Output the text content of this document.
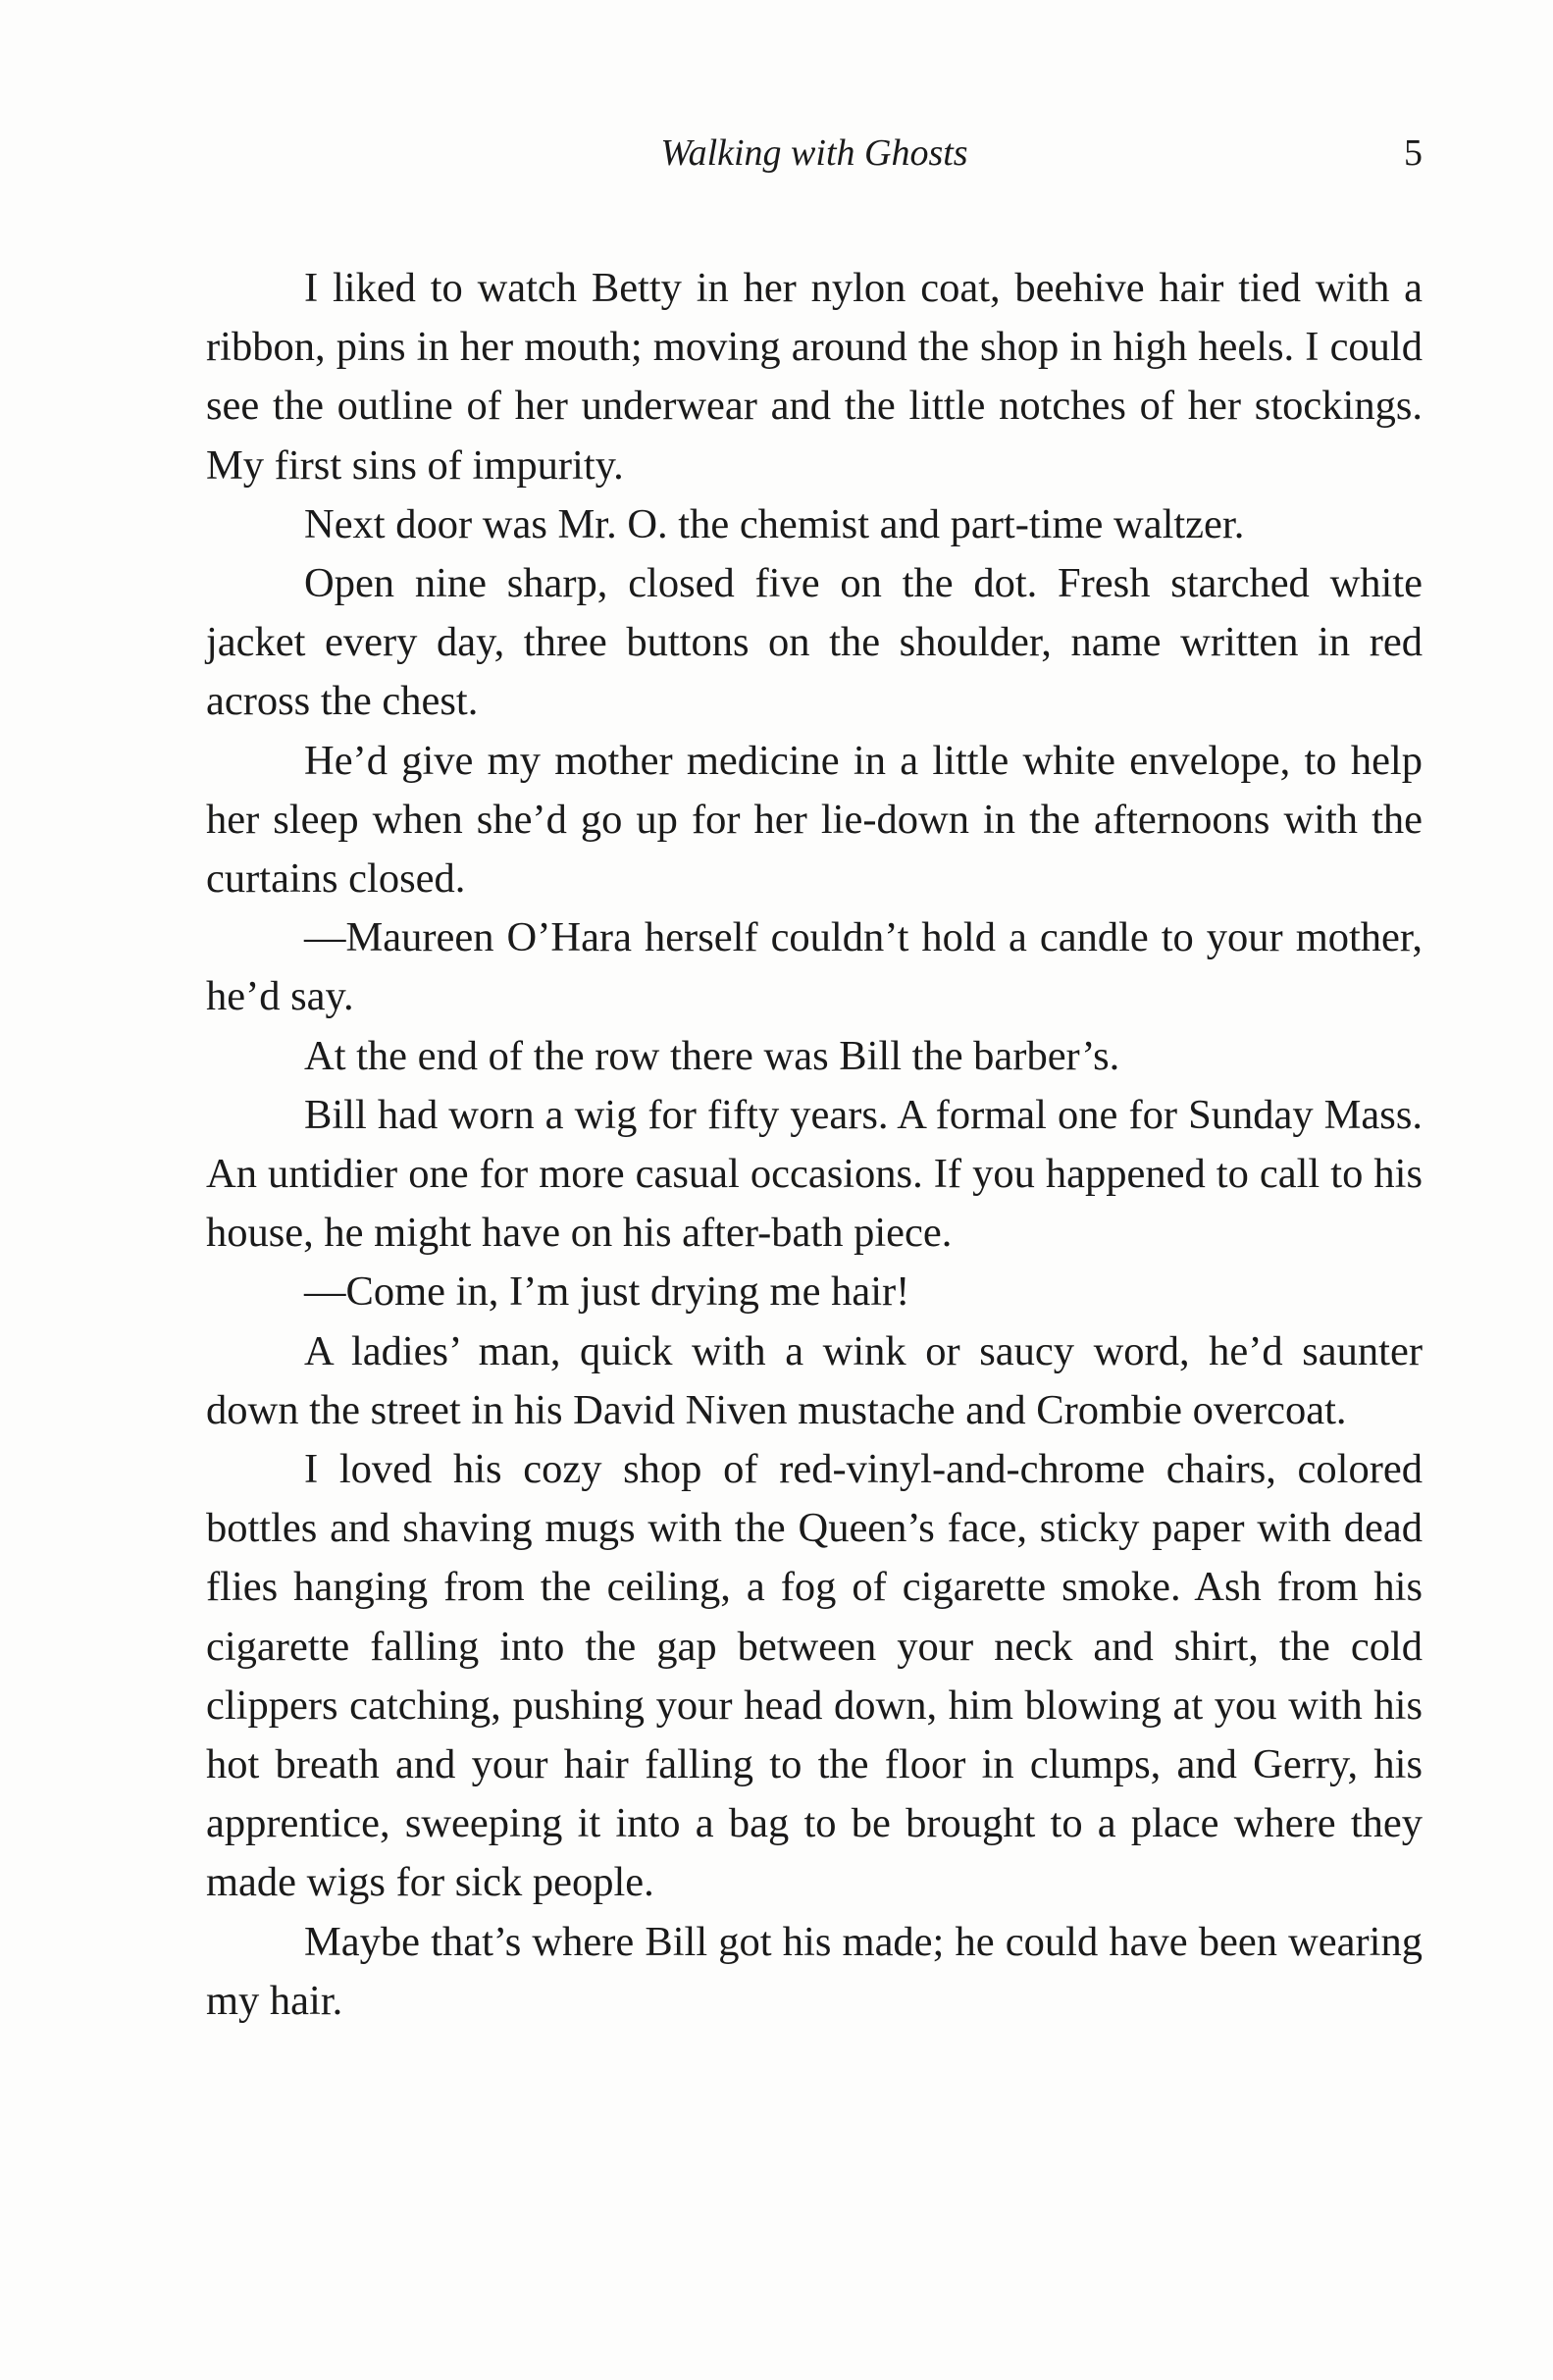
Walking with Ghosts	5

I liked to watch Betty in her nylon coat, beehive hair tied with a ribbon, pins in her mouth; moving around the shop in high heels. I could see the outline of her underwear and the little notches of her stockings. My first sins of impurity.

Next door was Mr. O. the chemist and part-time waltzer.

Open nine sharp, closed five on the dot. Fresh starched white jacket every day, three buttons on the shoulder, name written in red across the chest.

He’d give my mother medicine in a little white envelope, to help her sleep when she’d go up for her lie-down in the afternoons with the curtains closed.

—Maureen O’Hara herself couldn’t hold a candle to your mother, he’d say.

At the end of the row there was Bill the barber’s.

Bill had worn a wig for fifty years. A formal one for Sunday Mass. An untidier one for more casual occasions. If you happened to call to his house, he might have on his after-bath piece.

—Come in, I’m just drying me hair!

A ladies’ man, quick with a wink or saucy word, he’d saunter down the street in his David Niven mustache and Crombie overcoat.

I loved his cozy shop of red-vinyl-and-chrome chairs, colored bottles and shaving mugs with the Queen’s face, sticky paper with dead flies hanging from the ceiling, a fog of cigarette smoke. Ash from his cigarette falling into the gap between your neck and shirt, the cold clippers catching, pushing your head down, him blowing at you with his hot breath and your hair falling to the floor in clumps, and Gerry, his apprentice, sweeping it into a bag to be brought to a place where they made wigs for sick people.

Maybe that’s where Bill got his made; he could have been wearing my hair.
